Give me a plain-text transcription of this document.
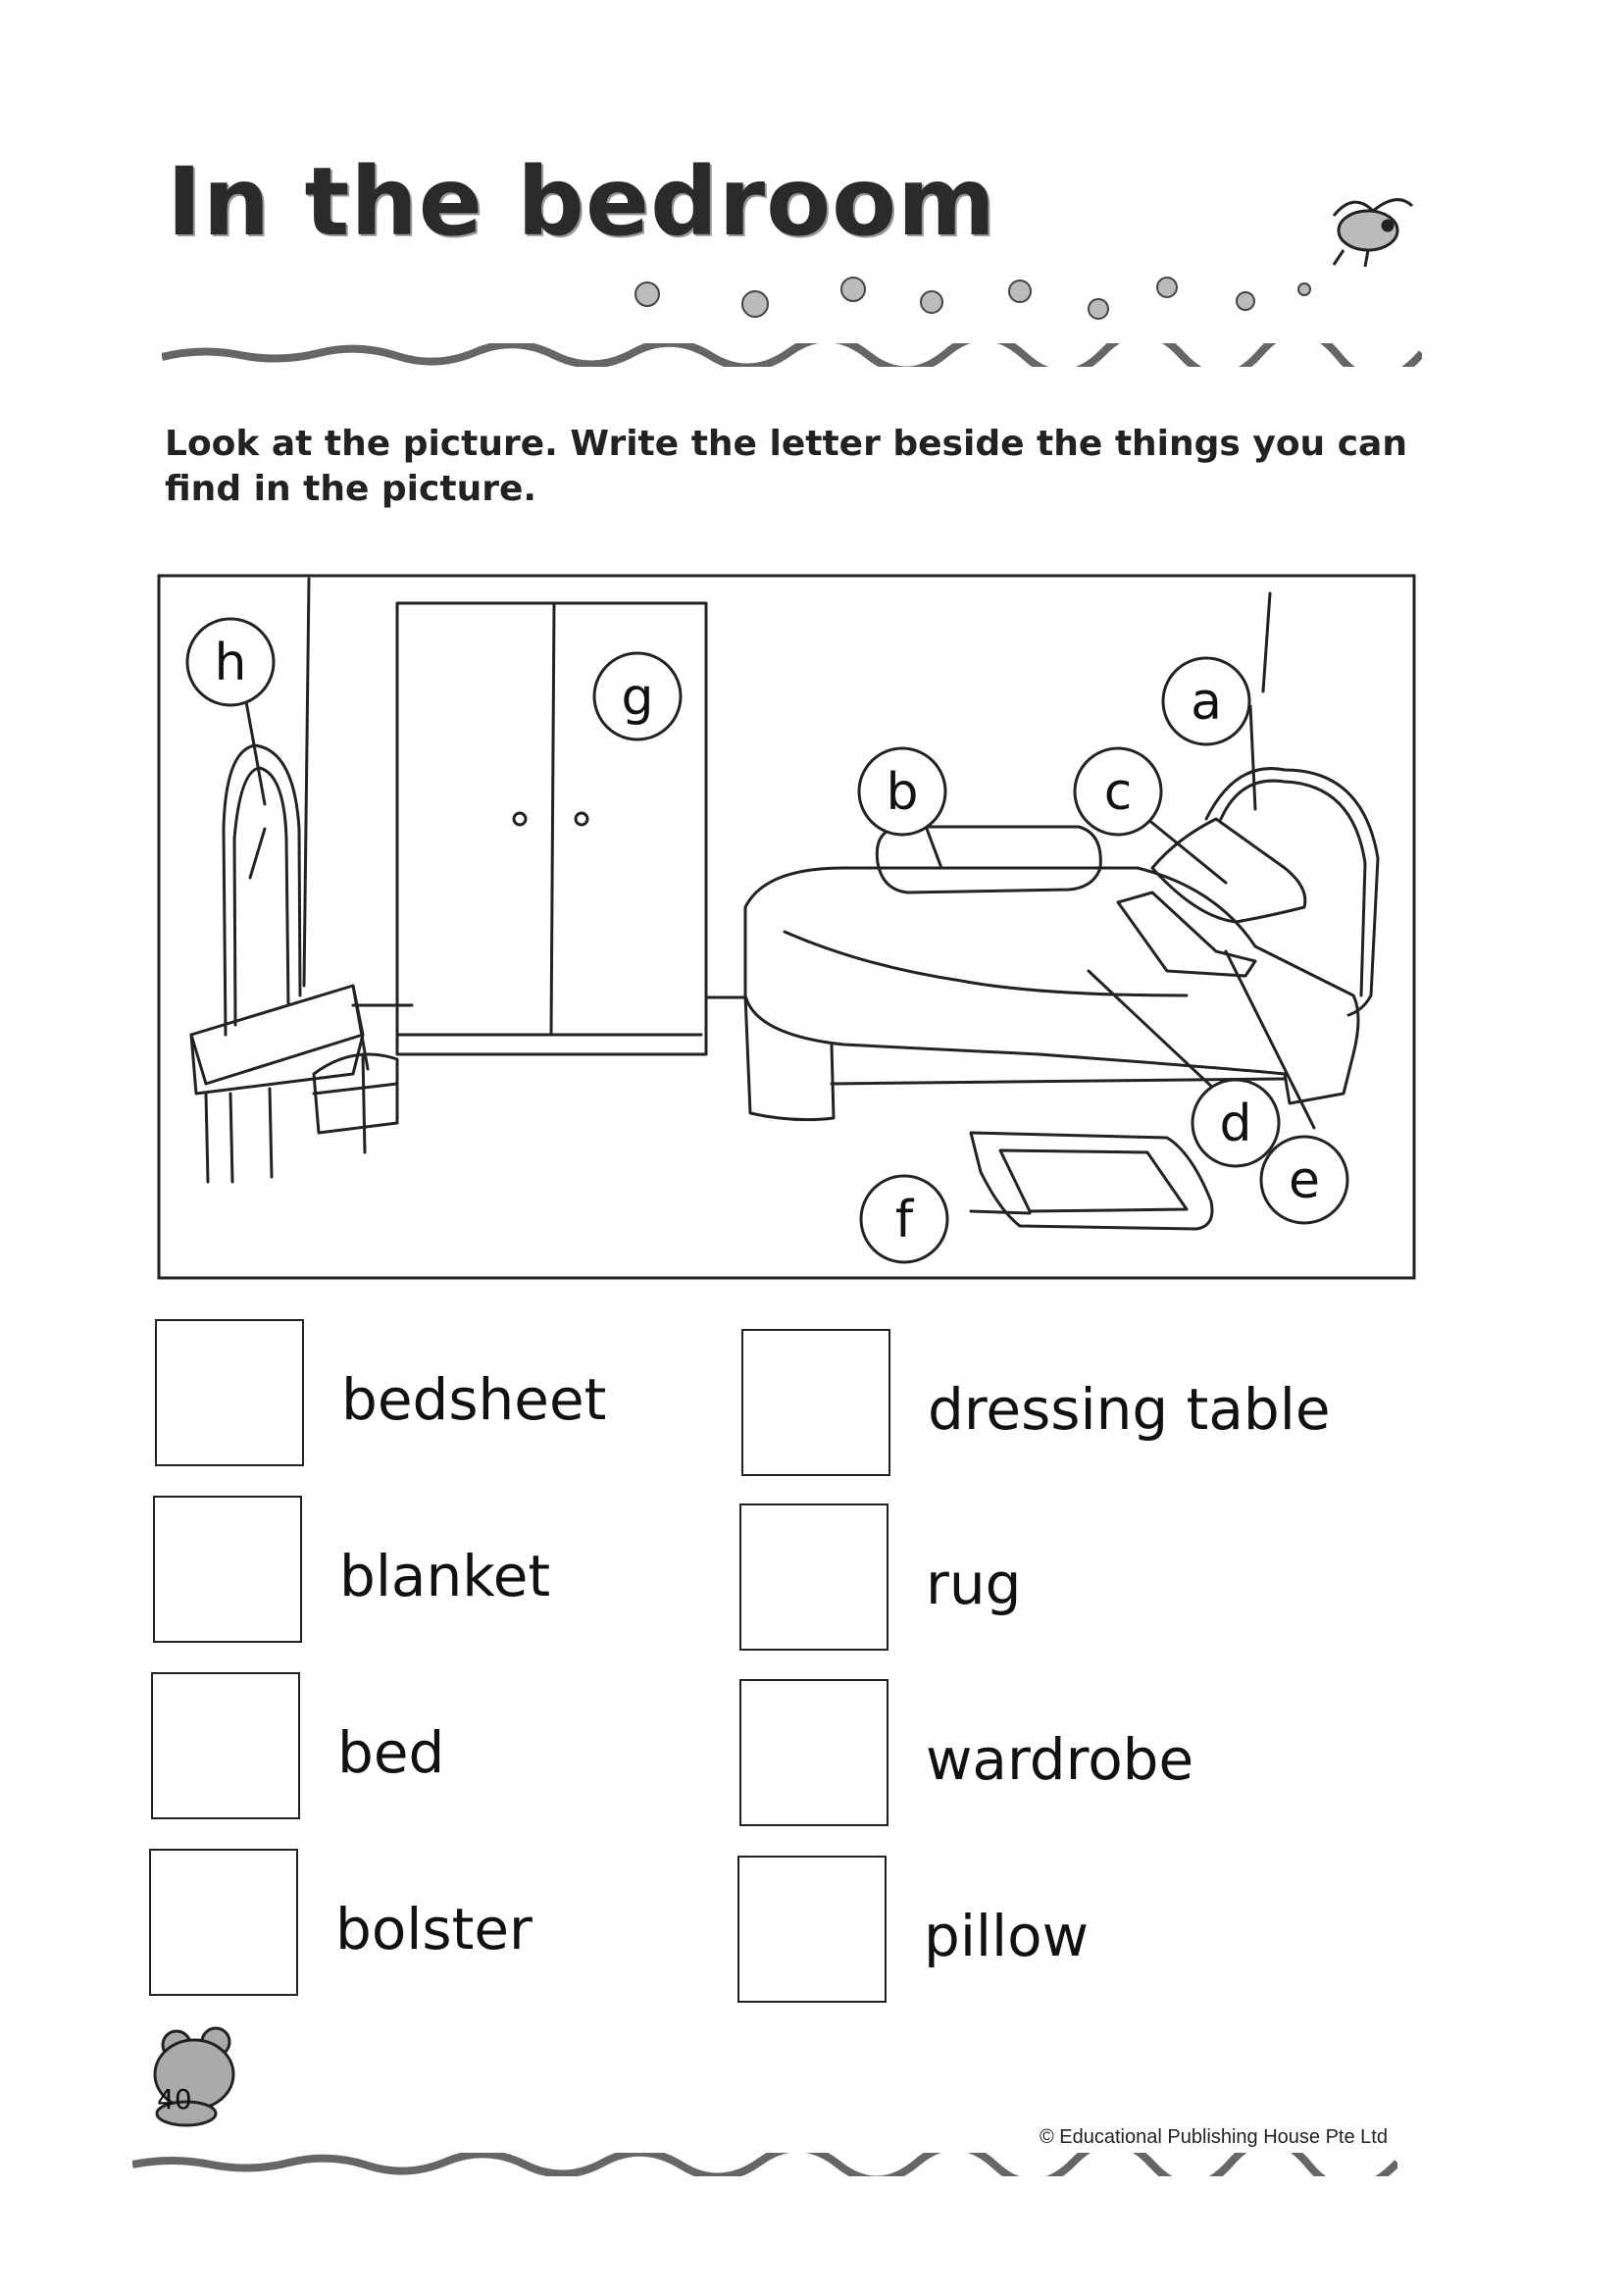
In the bedroom
Look at the picture. Write the letter beside the things you can find in the picture.
h
g	a
b	c
d
e
f
bedsheet
blanket
bed
bolster
dressing table
rug
wardrobe
pillow
40
© Educational Publishing House Pte Ltd
